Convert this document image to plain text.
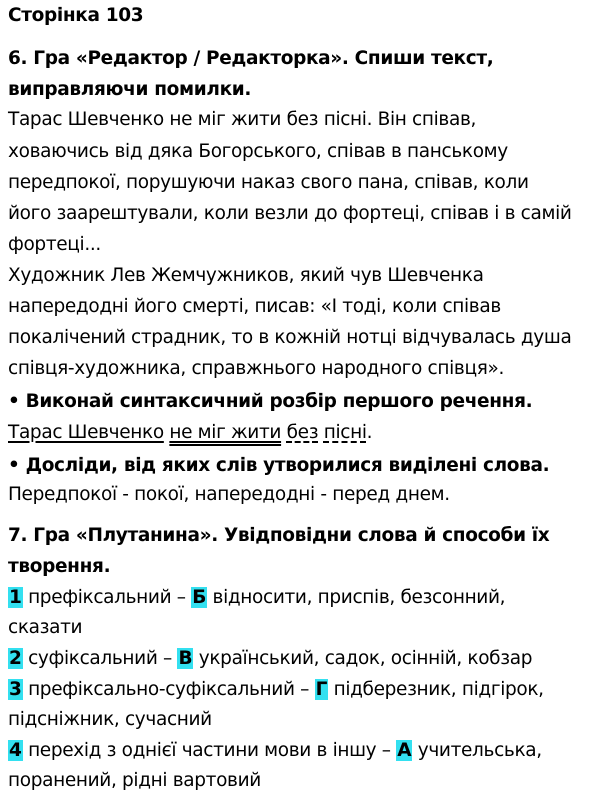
Сторінка 103
6. Гра «Редактор / Редакторка». Спиши текст,
виправляючи помилки.
Тарас Шевченко не міг жити без пісні. Він співав,
ховаючись від дяка Богорського, співав в панському
передпокої, порушуючи наказ свого пана, співав, коли
його заарештували, коли везли до фортеці, співав і в самій
фортеці...
Художник Лев Жемчужников, який чув Шевченка
напередодні його смерті, писав: «І тоді, коли співав
покалічений страдник, то в кожній нотці відчувалась душа
співця-художника, справжнього народного співця».
• Виконай синтаксичний розбір першого речення.
Тарас Шевченко не міг жити без пісні.
• Досліди, від яких слів утворилися виділені слова.
Передпокої - покої, напередодні - перед днем.
7. Гра «Плутанина». Увідповідни слова й способи їх
творення.
1 префіксальний – Б відносити, приспів, безсонний,
сказати
2 суфіксальний – В український, садок, осінній, кобзар
3 префіксально-суфіксальний – Г підберезник, підгірок,
підсніжник, сучасний
4 перехід з однієї частини мови в іншу – А учительська,
поранений, рідні вартовий
